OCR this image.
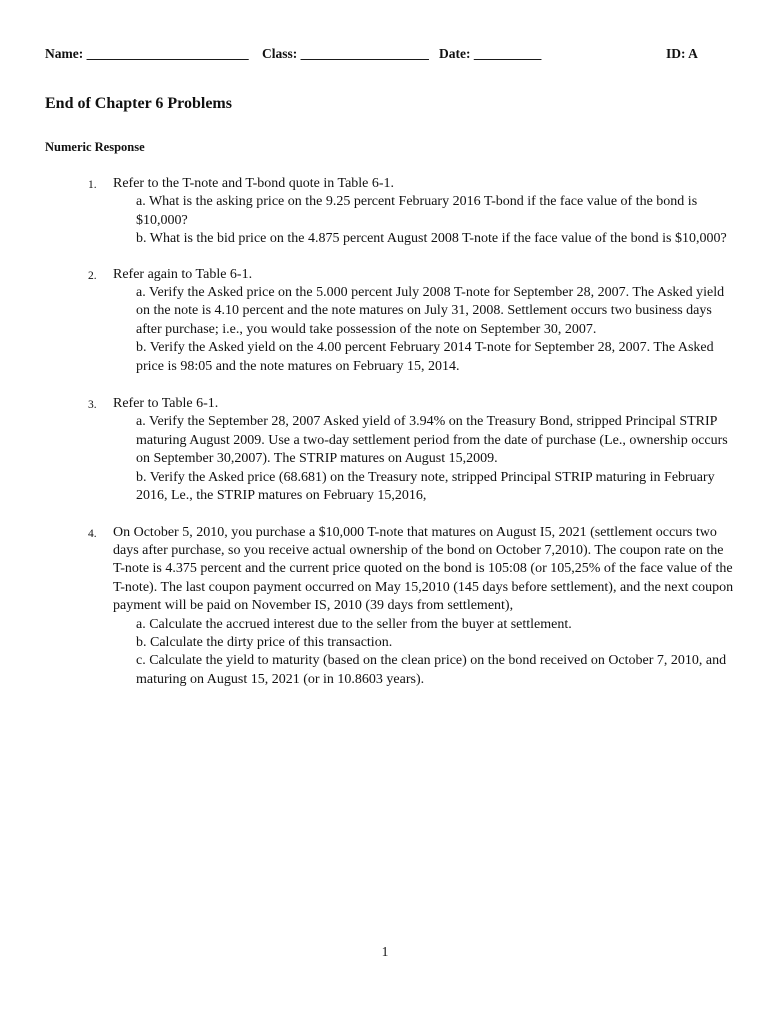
Name: ________________________ Class: ___________________ Date: __________	ID: A
End of Chapter 6 Problems
Numeric Response
1. Refer to the T-note and T-bond quote in Table 6-1.
a. What is the asking price on the 9.25 percent February 2016 T-bond if the face value of the bond is $10,000?
b. What is the bid price on the 4.875 percent August 2008 T-note if the face value of the bond is $10,000?
2. Refer again to Table 6-1.
a. Verify the Asked price on the 5.000 percent July 2008 T-note for September 28, 2007. The Asked yield on the note is 4.10 percent and the note matures on July 31, 2008. Settlement occurs two business days after purchase; i.e., you would take possession of the note on September 30, 2007.
b. Verify the Asked yield on the 4.00 percent February 2014 T-note for September 28, 2007. The Asked price is 98:05 and the note matures on February 15, 2014.
3. Refer to Table 6-1.
a. Verify the September 28, 2007 Asked yield of 3.94% on the Treasury Bond, stripped Principal STRIP maturing August 2009. Use a two-day settlement period from the date of purchase (Le., ownership occurs on September 30,2007). The STRIP matures on August 15,2009.
b. Verify the Asked price (68.681) on the Treasury note, stripped Principal STRIP maturing in February 2016, Le., the STRIP matures on February 15,2016,
4. On October 5, 2010, you purchase a $10,000 T-note that matures on August I5, 2021 (settlement occurs two days after purchase, so you receive actual ownership of the bond on October 7,2010). The coupon rate on the T-note is 4.375 percent and the current price quoted on the bond is 105:08 (or 105,25% of the face value of the T-note). The last coupon payment occurred on May 15,2010 (145 days before settlement), and the next coupon payment will be paid on November IS, 2010 (39 days from settlement),
a. Calculate the accrued interest due to the seller from the buyer at settlement.
b. Calculate the dirty price of this transaction.
c. Calculate the yield to maturity (based on the clean price) on the bond received on October 7, 2010, and maturing on August 15, 2021 (or in 10.8603 years).
1
